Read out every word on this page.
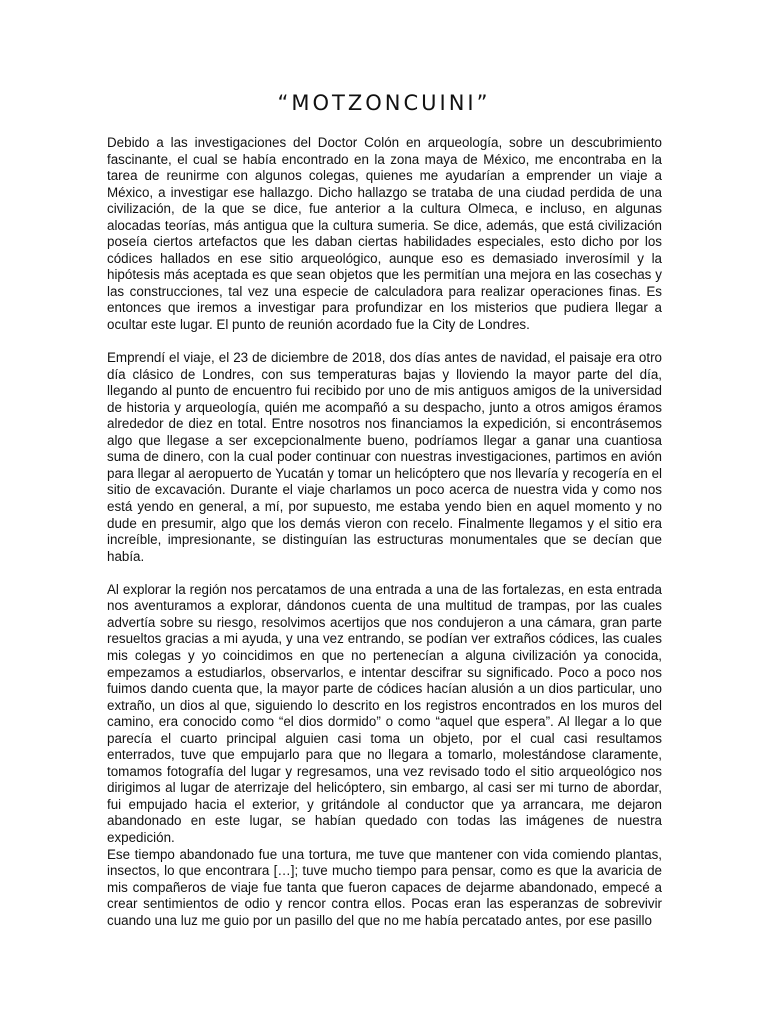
“MOTZONCUINI”

Debido a las investigaciones del Doctor Colón en arqueología, sobre un descubrimiento fascinante, el cual se había encontrado en la zona maya de México, me encontraba en la tarea de reunirme con algunos colegas, quienes me ayudarían a emprender un viaje a México, a investigar ese hallazgo. Dicho hallazgo se trataba de una ciudad perdida de una civilización, de la que se dice, fue anterior a la cultura Olmeca, e incluso, en algunas alocadas teorías, más antigua que la cultura sumeria. Se dice, además, que está civilización poseía ciertos artefactos que les daban ciertas habilidades especiales, esto dicho por los códices hallados en ese sitio arqueológico, aunque eso es demasiado inverosímil y la hipótesis más aceptada es que sean objetos que les permitían una mejora en las cosechas y las construcciones, tal vez una especie de calculadora para realizar operaciones finas. Es entonces que iremos a investigar para profundizar en los misterios que pudiera llegar a ocultar este lugar. El punto de reunión acordado fue la City de Londres.

Emprendí el viaje, el 23 de diciembre de 2018, dos días antes de navidad, el paisaje era otro día clásico de Londres, con sus temperaturas bajas y lloviendo la mayor parte del día, llegando al punto de encuentro fui recibido por uno de mis antiguos amigos de la universidad de historia y arqueología, quién me acompañó a su despacho, junto a otros amigos éramos alrededor de diez en total. Entre nosotros nos financiamos la expedición, si encontrásemos algo que llegase a ser excepcionalmente bueno, podríamos llegar a ganar una cuantiosa suma de dinero, con la cual poder continuar con nuestras investigaciones, partimos en avión para llegar al aeropuerto de Yucatán y tomar un helicóptero que nos llevaría y recogería en el sitio de excavación. Durante el viaje charlamos un poco acerca de nuestra vida y como nos está yendo en general, a mí, por supuesto, me estaba yendo bien en aquel momento y no dude en presumir, algo que los demás vieron con recelo. Finalmente llegamos y el sitio era increíble, impresionante, se distinguían las estructuras monumentales que se decían que había.

Al explorar la región nos percatamos de una entrada a una de las fortalezas, en esta entrada nos aventuramos a explorar, dándonos cuenta de una multitud de trampas, por las cuales advertía sobre su riesgo, resolvimos acertijos que nos condujeron a una cámara, gran parte resueltos gracias a mi ayuda, y una vez entrando, se podían ver extraños códices, las cuales mis colegas y yo coincidimos en que no pertenecían a alguna civilización ya conocida, empezamos a estudiarlos, observarlos, e intentar descifrar su significado. Poco a poco nos fuimos dando cuenta que, la mayor parte de códices hacían alusión a un dios particular, uno extraño, un dios al que, siguiendo lo descrito en los registros encontrados en los muros del camino, era conocido como “el dios dormido” o como “aquel que espera”. Al llegar a lo que parecía el cuarto principal alguien casi toma un objeto, por el cual casi resultamos enterrados, tuve que empujarlo para que no llegara a tomarlo, molestándose claramente, tomamos fotografía del lugar y regresamos, una vez revisado todo el sitio arqueológico nos dirigimos al lugar de aterrizaje del helicóptero, sin embargo, al casi ser mi turno de abordar, fui empujado hacia el exterior, y gritándole al conductor que ya arrancara, me dejaron abandonado en este lugar, se habían quedado con todas las imágenes de nuestra expedición.

Ese tiempo abandonado fue una tortura, me tuve que mantener con vida comiendo plantas, insectos, lo que encontrara […]; tuve mucho tiempo para pensar, como es que la avaricia de mis compañeros de viaje fue tanta que fueron capaces de dejarme abandonado, empecé a crear sentimientos de odio y rencor contra ellos. Pocas eran las esperanzas de sobrevivir cuando una luz me guio por un pasillo del que no me había percatado antes, por ese pasillo
